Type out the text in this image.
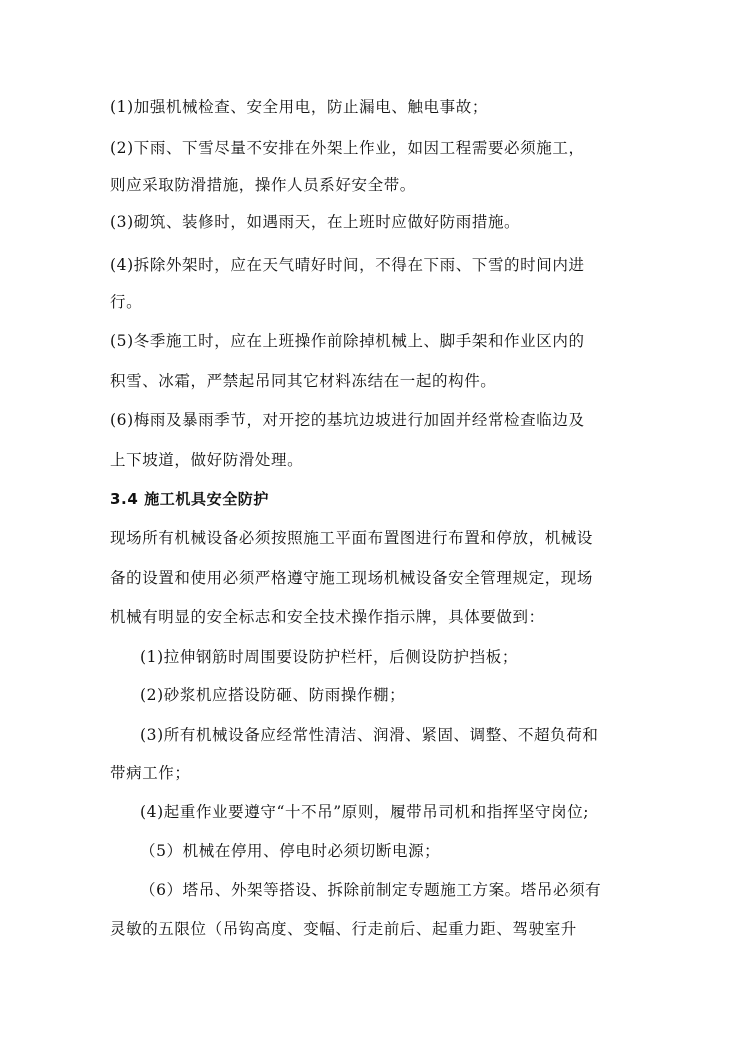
(1)加强机械检查、安全用电，防止漏电、触电事故；
(2)下雨、下雪尽量不安排在外架上作业，如因工程需要必须施工，
则应采取防滑措施，操作人员系好安全带。
(3)砌筑、装修时，如遇雨天，在上班时应做好防雨措施。
(4)拆除外架时，应在天气晴好时间，不得在下雨、下雪的时间内进
行。
(5)冬季施工时，应在上班操作前除掉机械上、脚手架和作业区内的
积雪、冰霜，严禁起吊同其它材料冻结在一起的构件。
(6)梅雨及暴雨季节，对开挖的基坑边坡进行加固并经常检查临边及
上下坡道，做好防滑处理。
3.4 施工机具安全防护
现场所有机械设备必须按照施工平面布置图进行布置和停放，机械设
备的设置和使用必须严格遵守施工现场机械设备安全管理规定，现场
机械有明显的安全标志和安全技术操作指示牌，具体要做到：
(1)拉伸钢筋时周围要设防护栏杆，后侧设防护挡板；
(2)砂浆机应搭设防砸、防雨操作棚；
(3)所有机械设备应经常性清洁、润滑、紧固、调整、不超负荷和
带病工作；
(4)起重作业要遵守“十不吊”原则，履带吊司机和指挥坚守岗位;
（5）机械在停用、停电时必须切断电源；
（6）塔吊、外架等搭设、拆除前制定专题施工方案。塔吊必须有
灵敏的五限位（吊钩高度、变幅、行走前后、起重力距、驾驶室升
